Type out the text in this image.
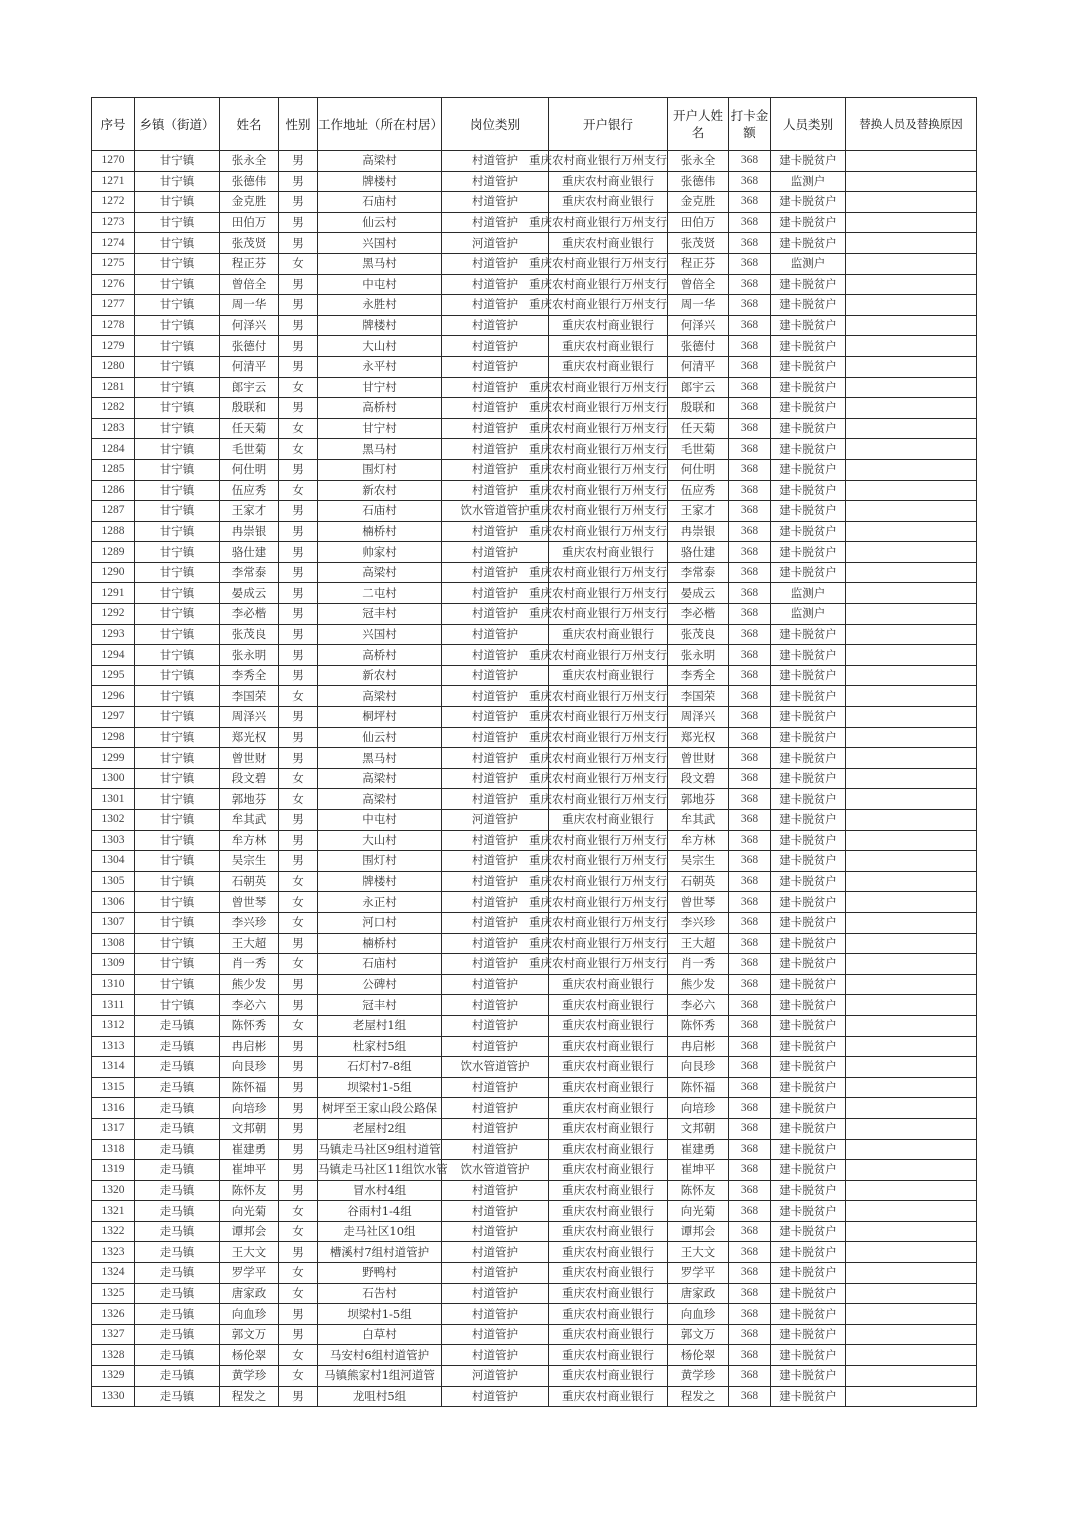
序号	乡镇（街道）	姓名	性别	工作地址（所在村居）	岗位类别	开户银行	开户人姓名	打卡金额	人员类别	替换人员及替换原因
1270	甘宁镇	张永全	男	高梁村	村道管护	重庆农村商业银行万州支行	张永全	368	建卡脱贫户	
1271	甘宁镇	张德伟	男	牌楼村	村道管护	重庆农村商业银行	张德伟	368	监测户	
1272	甘宁镇	金克胜	男	石庙村	村道管护	重庆农村商业银行	金克胜	368	建卡脱贫户	
1273	甘宁镇	田伯万	男	仙云村	村道管护	重庆农村商业银行万州支行	田伯万	368	建卡脱贫户	
1274	甘宁镇	张茂贤	男	兴国村	河道管护	重庆农村商业银行	张茂贤	368	建卡脱贫户	
1275	甘宁镇	程正芬	女	黑马村	村道管护	重庆农村商业银行万州支行	程正芬	368	监测户	
1276	甘宁镇	曾倍全	男	中屯村	村道管护	重庆农村商业银行万州支行	曾倍全	368	建卡脱贫户	
1277	甘宁镇	周一华	男	永胜村	村道管护	重庆农村商业银行万州支行	周一华	368	建卡脱贫户	
1278	甘宁镇	何泽兴	男	牌楼村	村道管护	重庆农村商业银行	何泽兴	368	建卡脱贫户	
1279	甘宁镇	张德付	男	大山村	村道管护	重庆农村商业银行	张德付	368	建卡脱贫户	
1280	甘宁镇	何清平	男	永平村	村道管护	重庆农村商业银行	何清平	368	建卡脱贫户	
1281	甘宁镇	郎宇云	女	甘宁村	村道管护	重庆农村商业银行万州支行	郎宇云	368	建卡脱贫户	
1282	甘宁镇	殷联和	男	高桥村	村道管护	重庆农村商业银行万州支行	殷联和	368	建卡脱贫户	
1283	甘宁镇	任天菊	女	甘宁村	村道管护	重庆农村商业银行万州支行	任天菊	368	建卡脱贫户	
1284	甘宁镇	毛世菊	女	黑马村	村道管护	重庆农村商业银行万州支行	毛世菊	368	建卡脱贫户	
1285	甘宁镇	何仕明	男	围灯村	村道管护	重庆农村商业银行万州支行	何仕明	368	建卡脱贫户	
1286	甘宁镇	伍应秀	女	新农村	村道管护	重庆农村商业银行万州支行	伍应秀	368	建卡脱贫户	
1287	甘宁镇	王家才	男	石庙村	饮水管道管护	重庆农村商业银行万州支行	王家才	368	建卡脱贫户	
1288	甘宁镇	冉崇银	男	楠桥村	村道管护	重庆农村商业银行万州支行	冉崇银	368	建卡脱贫户	
1289	甘宁镇	骆仕建	男	帅家村	村道管护	重庆农村商业银行	骆仕建	368	建卡脱贫户	
1290	甘宁镇	李常泰	男	高梁村	村道管护	重庆农村商业银行万州支行	李常泰	368	建卡脱贫户	
1291	甘宁镇	晏成云	男	二屯村	村道管护	重庆农村商业银行万州支行	晏成云	368	监测户	
1292	甘宁镇	李必楷	男	冠丰村	村道管护	重庆农村商业银行万州支行	李必楷	368	监测户	
1293	甘宁镇	张茂良	男	兴国村	村道管护	重庆农村商业银行	张茂良	368	建卡脱贫户	
1294	甘宁镇	张永明	男	高桥村	村道管护	重庆农村商业银行万州支行	张永明	368	建卡脱贫户	
1295	甘宁镇	李秀全	男	新农村	村道管护	重庆农村商业银行	李秀全	368	建卡脱贫户	
1296	甘宁镇	李国荣	女	高梁村	村道管护	重庆农村商业银行万州支行	李国荣	368	建卡脱贫户	
1297	甘宁镇	周泽兴	男	桐坪村	村道管护	重庆农村商业银行万州支行	周泽兴	368	建卡脱贫户	
1298	甘宁镇	郑光权	男	仙云村	村道管护	重庆农村商业银行万州支行	郑光权	368	建卡脱贫户	
1299	甘宁镇	曾世财	男	黑马村	村道管护	重庆农村商业银行万州支行	曾世财	368	建卡脱贫户	
1300	甘宁镇	段文碧	女	高梁村	村道管护	重庆农村商业银行万州支行	段文碧	368	建卡脱贫户	
1301	甘宁镇	郭地芬	女	高梁村	村道管护	重庆农村商业银行万州支行	郭地芬	368	建卡脱贫户	
1302	甘宁镇	牟其武	男	中屯村	河道管护	重庆农村商业银行	牟其武	368	建卡脱贫户	
1303	甘宁镇	牟方林	男	大山村	村道管护	重庆农村商业银行万州支行	牟方林	368	建卡脱贫户	
1304	甘宁镇	吴宗生	男	围灯村	村道管护	重庆农村商业银行万州支行	吴宗生	368	建卡脱贫户	
1305	甘宁镇	石朝英	女	牌楼村	村道管护	重庆农村商业银行万州支行	石朝英	368	建卡脱贫户	
1306	甘宁镇	曾世琴	女	永正村	村道管护	重庆农村商业银行万州支行	曾世琴	368	建卡脱贫户	
1307	甘宁镇	李兴珍	女	河口村	村道管护	重庆农村商业银行万州支行	李兴珍	368	建卡脱贫户	
1308	甘宁镇	王大超	男	楠桥村	村道管护	重庆农村商业银行万州支行	王大超	368	建卡脱贫户	
1309	甘宁镇	肖一秀	女	石庙村	村道管护	重庆农村商业银行万州支行	肖一秀	368	建卡脱贫户	
1310	甘宁镇	熊少发	男	公碑村	村道管护	重庆农村商业银行	熊少发	368	建卡脱贫户	
1311	甘宁镇	李必六	男	冠丰村	村道管护	重庆农村商业银行	李必六	368	建卡脱贫户	
1312	走马镇	陈怀秀	女	老屋村1组	村道管护	重庆农村商业银行	陈怀秀	368	建卡脱贫户	
1313	走马镇	冉启彬	男	杜家村5组	村道管护	重庆农村商业银行	冉启彬	368	建卡脱贫户	
1314	走马镇	向艮珍	男	石灯村7-8组	饮水管道管护	重庆农村商业银行	向艮珍	368	建卡脱贫户	
1315	走马镇	陈怀福	男	坝梁村1-5组	村道管护	重庆农村商业银行	陈怀福	368	建卡脱贫户	
1316	走马镇	向培珍	男	树坪至王家山段公路保	村道管护	重庆农村商业银行	向培珍	368	建卡脱贫户	
1317	走马镇	文邦朝	男	老屋村2组	村道管护	重庆农村商业银行	文邦朝	368	建卡脱贫户	
1318	走马镇	崔建勇	男	马镇走马社区9组村道管	村道管护	重庆农村商业银行	崔建勇	368	建卡脱贫户	
1319	走马镇	崔坤平	男	马镇走马社区11组饮水管	饮水管道管护	重庆农村商业银行	崔坤平	368	建卡脱贫户	
1320	走马镇	陈怀友	男	冒水村4组	村道管护	重庆农村商业银行	陈怀友	368	建卡脱贫户	
1321	走马镇	向光菊	女	谷雨村1-4组	村道管护	重庆农村商业银行	向光菊	368	建卡脱贫户	
1322	走马镇	谭邦会	女	走马社区10组	村道管护	重庆农村商业银行	谭邦会	368	建卡脱贫户	
1323	走马镇	王大文	男	槽溪村7组村道管护	村道管护	重庆农村商业银行	王大文	368	建卡脱贫户	
1324	走马镇	罗学平	女	野鸭村	村道管护	重庆农村商业银行	罗学平	368	建卡脱贫户	
1325	走马镇	唐家政	女	石告村	村道管护	重庆农村商业银行	唐家政	368	建卡脱贫户	
1326	走马镇	向血珍	男	坝梁村1-5组	村道管护	重庆农村商业银行	向血珍	368	建卡脱贫户	
1327	走马镇	郭文万	男	白草村	村道管护	重庆农村商业银行	郭文万	368	建卡脱贫户	
1328	走马镇	杨伦翠	女	马安村6组村道管护	村道管护	重庆农村商业银行	杨伦翠	368	建卡脱贫户	
1329	走马镇	黄学珍	女	马镇熊家村1组河道管	河道管护	重庆农村商业银行	黄学珍	368	建卡脱贫户	
1330	走马镇	程发之	男	龙咀村5组	村道管护	重庆农村商业银行	程发之	368	建卡脱贫户	
